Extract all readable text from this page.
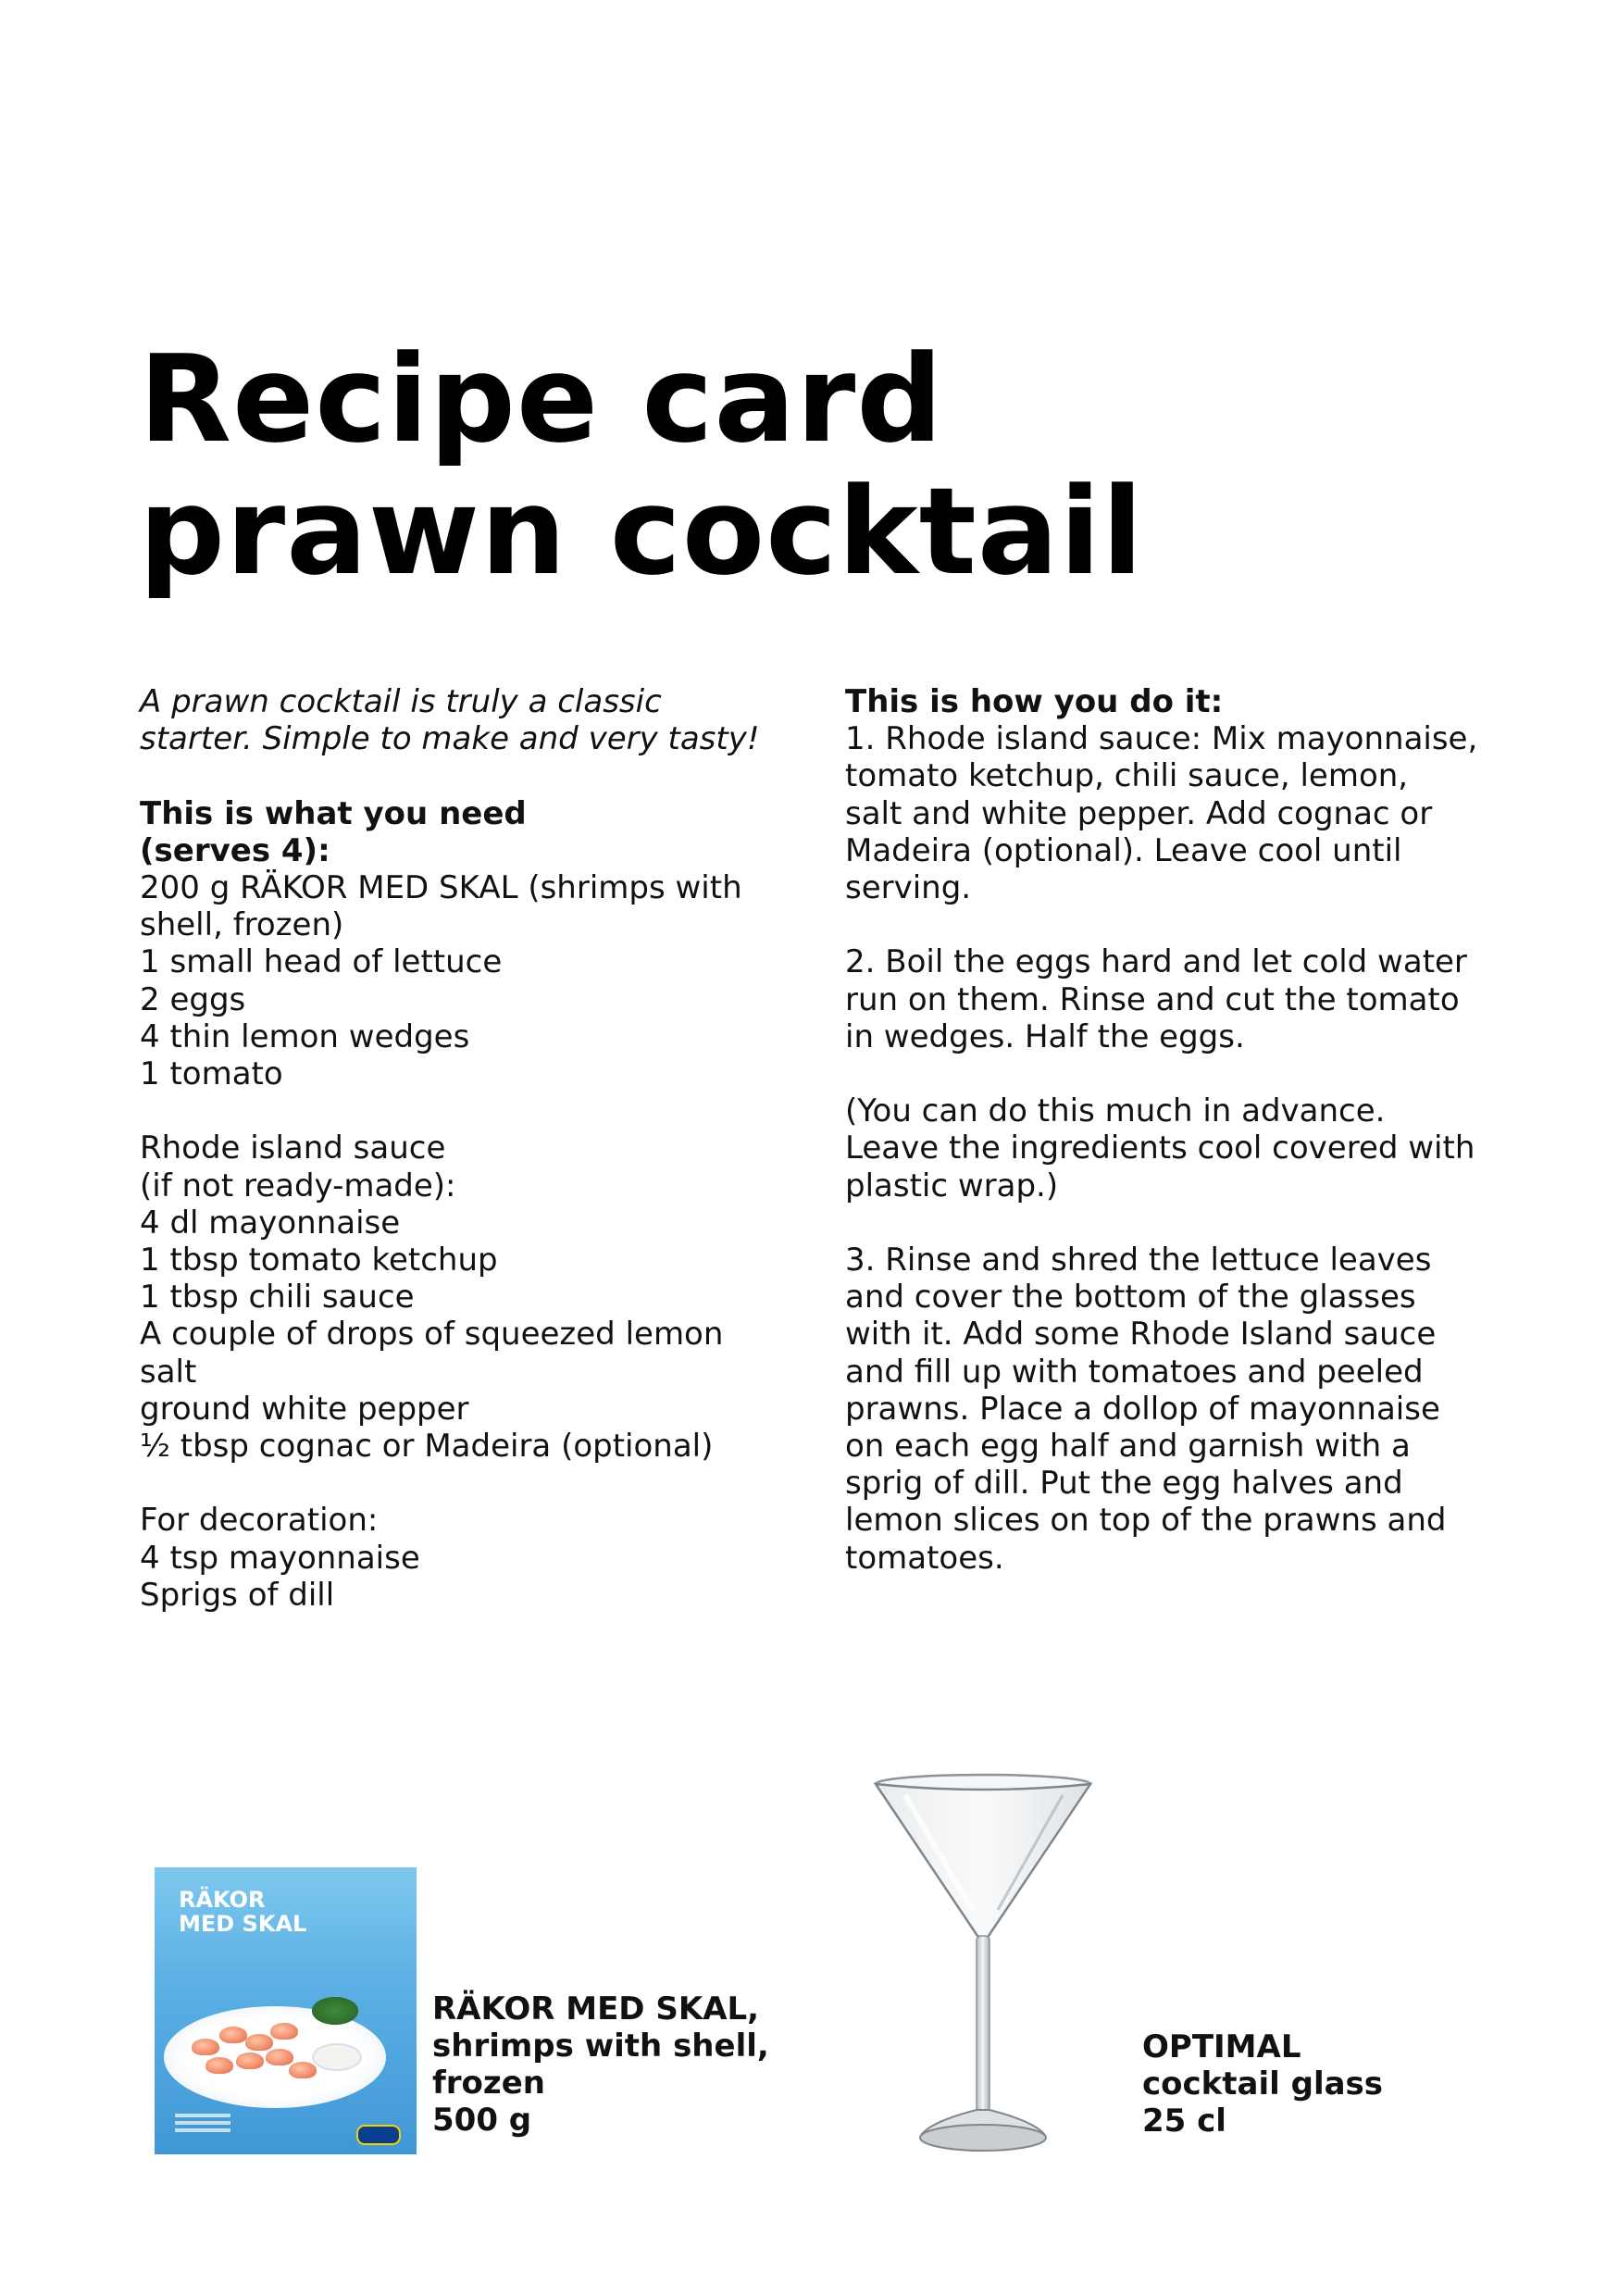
Recipe card
prawn cocktail
A prawn cocktail is truly a classic
starter. Simple to make and very tasty!
This is what you need
(serves 4):
200 g RÄKOR MED SKAL (shrimps with
shell, frozen)
1 small head of lettuce
2 eggs
4 thin lemon wedges
1 tomato
Rhode island sauce
(if not ready-made):
4 dl mayonnaise
1 tbsp tomato ketchup
1 tbsp chili sauce
A couple of drops of squeezed lemon
salt
ground white pepper
½ tbsp cognac or Madeira (optional)
For decoration:
4 tsp mayonnaise
Sprigs of dill
This is how you do it:
1. Rhode island sauce: Mix mayonnaise,
tomato ketchup, chili sauce, lemon,
salt and white pepper. Add cognac or
Madeira (optional). Leave cool until
serving.
2. Boil the eggs hard and let cold water
run on them. Rinse and cut the tomato
in wedges. Half the eggs.
(You can do this much in advance.
Leave the ingredients cool covered with
plastic wrap.)
3. Rinse and shred the lettuce leaves
and cover the bottom of the glasses
with it. Add some Rhode Island sauce
and fill up with tomatoes and peeled
prawns. Place a dollop of mayonnaise
on each egg half and garnish with a
sprig of dill. Put the egg halves and
lemon slices on top of the prawns and
tomatoes.
RÄKOR
MED SKAL
RÄKOR MED SKAL,
shrimps with shell,
frozen
500 g
OPTIMAL
cocktail glass
25 cl
